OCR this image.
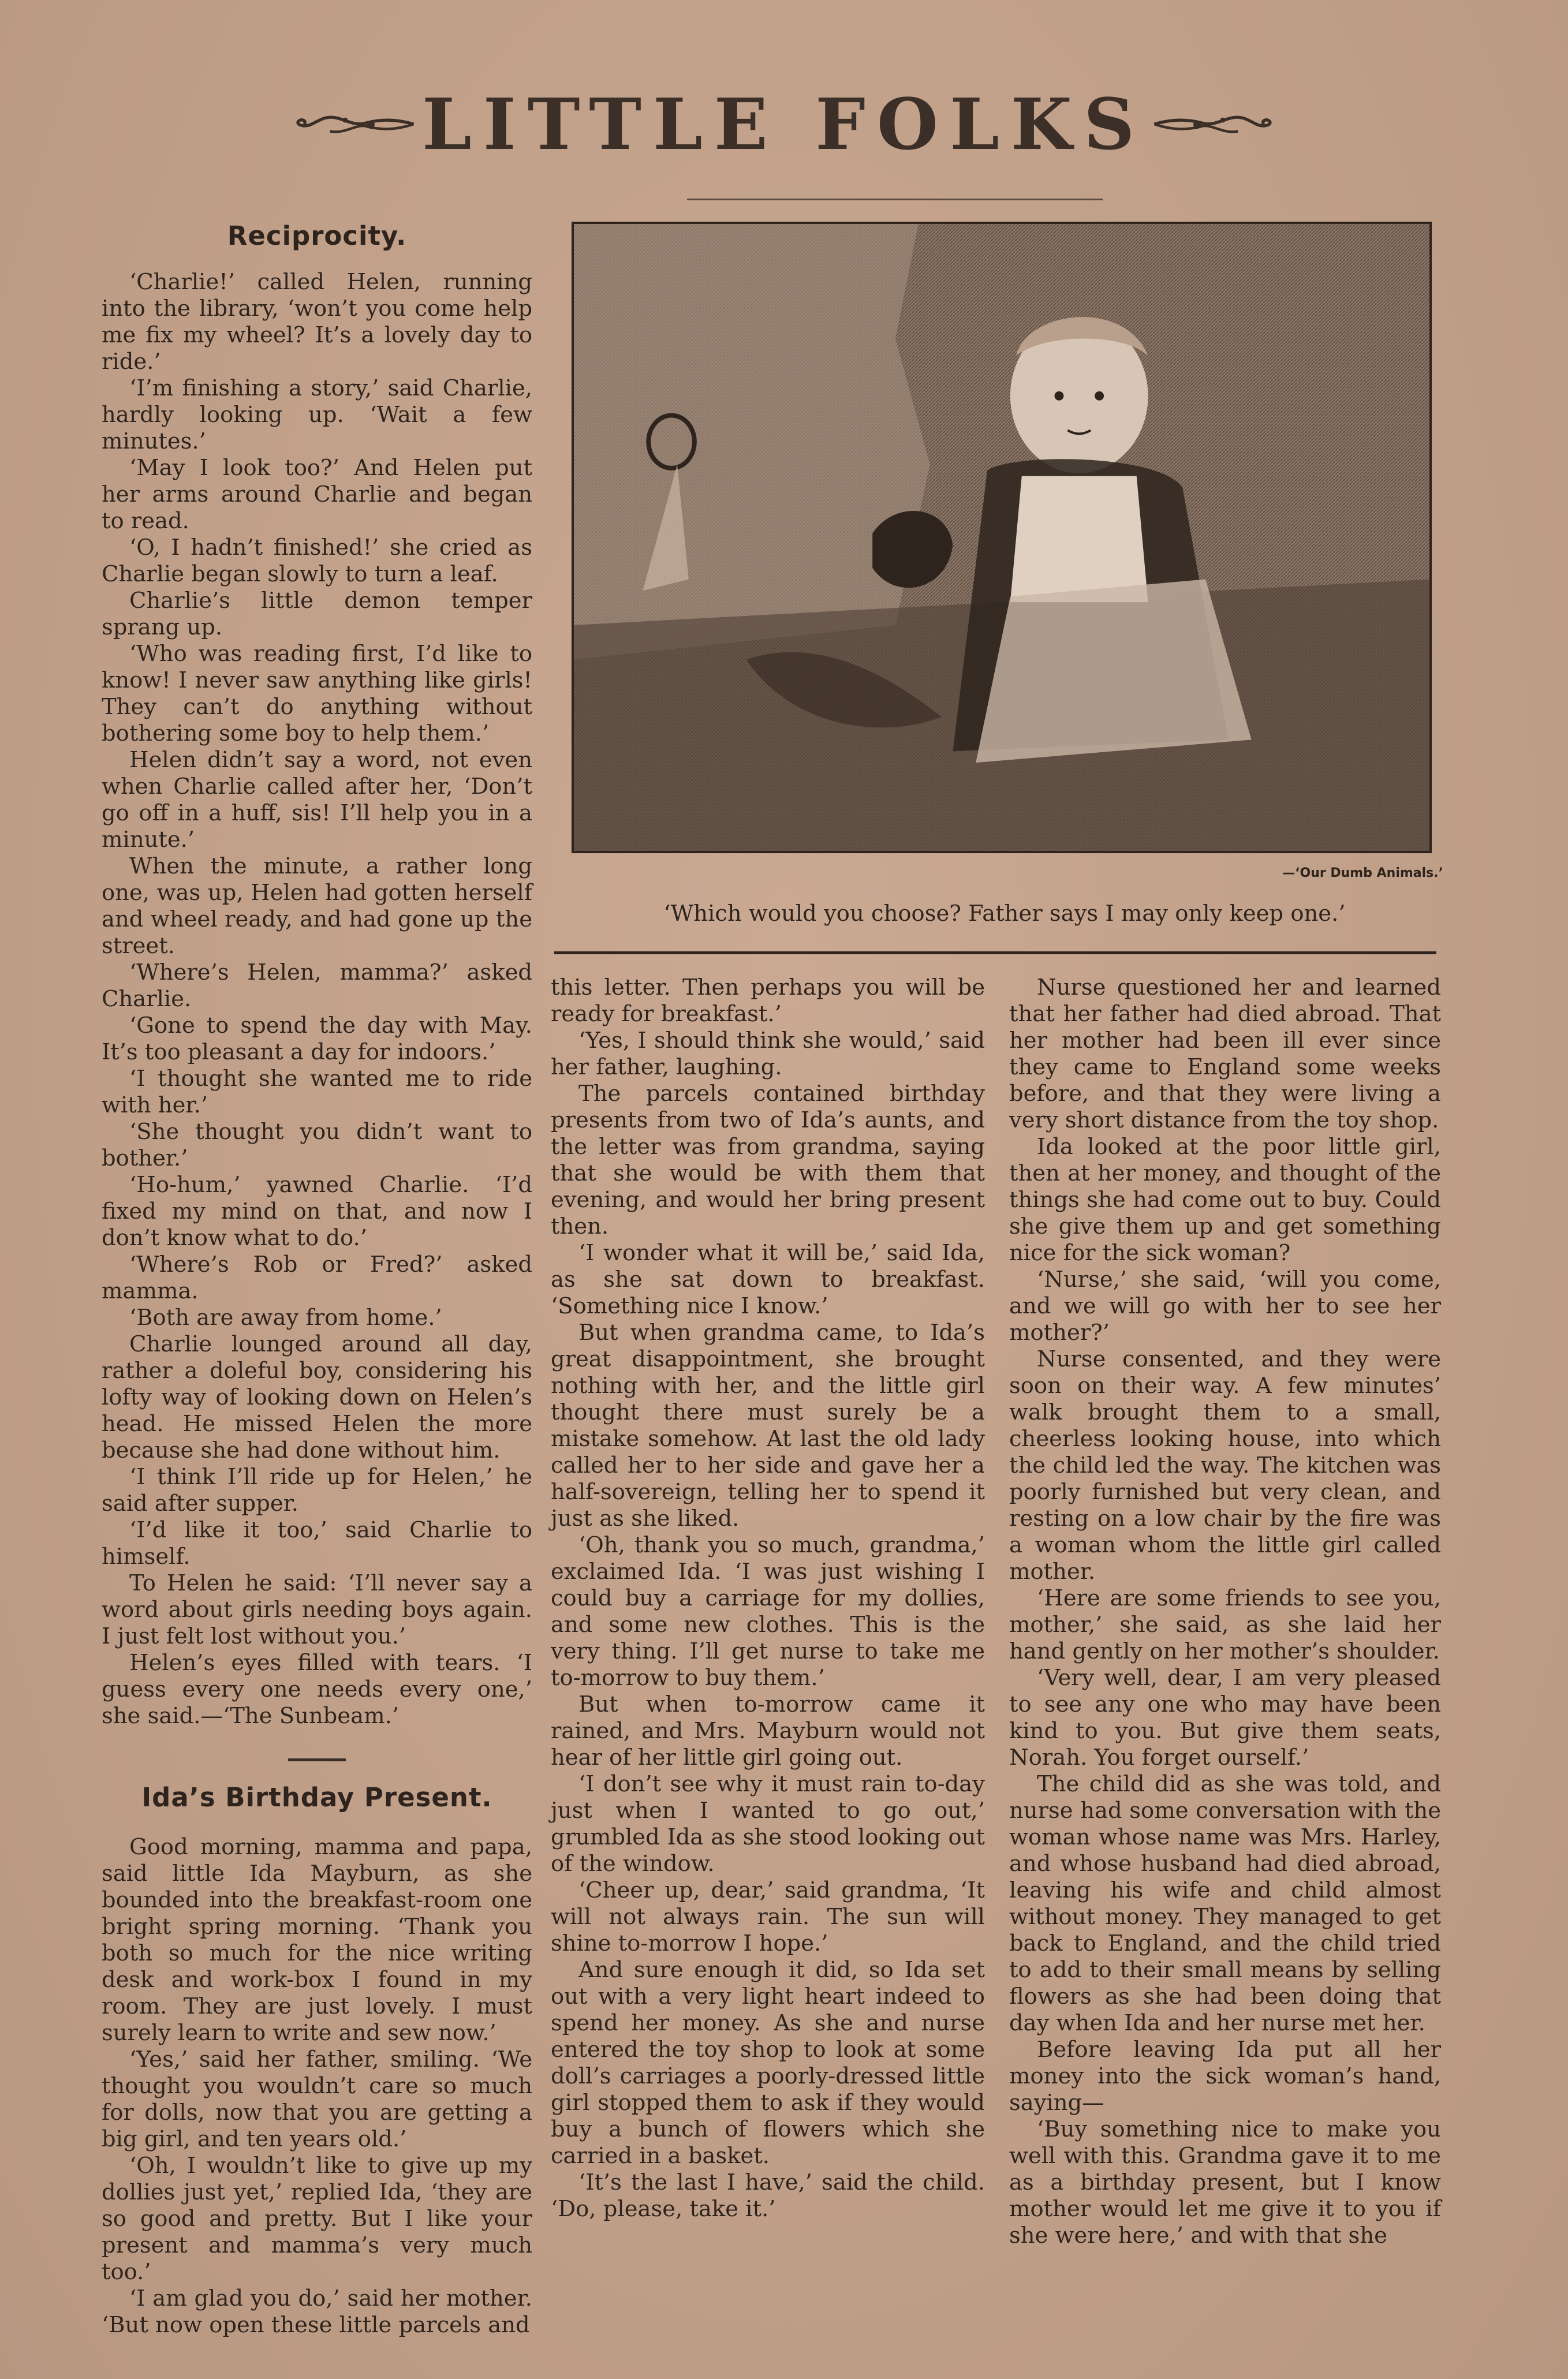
LITTLE FOLKS
Reciprocity.

‘Charlie!’ called Helen, running into the library, ‘won’t you come help me fix my wheel? It’s a lovely day to ride.’

‘I’m finishing a story,’ said Charlie, hardly looking up. ‘Wait a few minutes.’

‘May I look too?’ And Helen put her arms around Charlie and began to read.

‘O, I hadn’t finished!’ she cried as Charlie began slowly to turn a leaf.

Charlie’s little demon temper sprang up.

‘Who was reading first, I’d like to know! I never saw anything like girls! They can’t do anything without bothering some boy to help them.’

Helen didn’t say a word, not even when Charlie called after her, ‘Don’t go off in a huff, sis! I’ll help you in a minute.’

When the minute, a rather long one, was up, Helen had gotten herself and wheel ready, and had gone up the street.

‘Where’s Helen, mamma?’ asked Charlie.

‘Gone to spend the day with May. It’s too pleasant a day for indoors.’

‘I thought she wanted me to ride with her.’

‘She thought you didn’t want to bother.’

‘Ho-hum,’ yawned Charlie. ‘I’d fixed my mind on that, and now I don’t know what to do.’

‘Where’s Rob or Fred?’ asked mamma.

‘Both are away from home.’

Charlie lounged around all day, rather a doleful boy, considering his lofty way of looking down on Helen’s head. He missed Helen the more because she had done without him.

‘I think I’ll ride up for Helen,’ he said after supper.

‘I’d like it too,’ said Charlie to himself.

To Helen he said: ‘I’ll never say a word about girls needing boys again. I just felt lost without you.’

Helen’s eyes filled with tears. ‘I guess every one needs every one,’ she said.—‘The Sunbeam.’

Ida’s Birthday Present.

Good morning, mamma and papa, said little Ida Mayburn, as she bounded into the breakfast-room one bright spring morning. ‘Thank you both so much for the nice writing desk and work-box I found in my room. They are just lovely. I must surely learn to write and sew now.’

‘Yes,’ said her father, smiling. ‘We thought you wouldn’t care so much for dolls, now that you are getting a big girl, and ten years old.’

‘Oh, I wouldn’t like to give up my dollies just yet,’ replied Ida, ‘they are so good and pretty. But I like your present and mamma’s very much too.’

‘I am glad you do,’ said her mother. ‘But now open these little parcels and

—‘Our Dumb Animals.’
‘Which would you choose? Father says I may only keep one.’

this letter. Then perhaps you will be ready for breakfast.’

‘Yes, I should think she would,’ said her father, laughing.

The parcels contained birthday presents from two of Ida’s aunts, and the letter was from grandma, saying that she would be with them that evening, and would her bring present then.

‘I wonder what it will be,’ said Ida, as she sat down to breakfast. ‘Something nice I know.’

But when grandma came, to Ida’s great disappointment, she brought nothing with her, and the little girl thought there must surely be a mistake somehow. At last the old lady called her to her side and gave her a half-sovereign, telling her to spend it just as she liked.

‘Oh, thank you so much, grandma,’ exclaimed Ida. ‘I was just wishing I could buy a carriage for my dollies, and some new clothes. This is the very thing. I’ll get nurse to take me to-morrow to buy them.’

But when to-morrow came it rained, and Mrs. Mayburn would not hear of her little girl going out.

‘I don’t see why it must rain to-day just when I wanted to go out,’ grumbled Ida as she stood looking out of the window.

‘Cheer up, dear,’ said grandma, ‘It will not always rain. The sun will shine to-morrow I hope.’

And sure enough it did, so Ida set out with a very light heart indeed to spend her money. As she and nurse entered the toy shop to look at some doll’s carriages a poorly-dressed little girl stopped them to ask if they would buy a bunch of flowers which she carried in a basket.

‘It’s the last I have,’ said the child. ‘Do, please, take it.’

Nurse questioned her and learned that her father had died abroad. That her mother had been ill ever since they came to England some weeks before, and that they were living a very short distance from the toy shop.

Ida looked at the poor little girl, then at her money, and thought of the things she had come out to buy. Could she give them up and get something nice for the sick woman?

‘Nurse,’ she said, ‘will you come, and we will go with her to see her mother?’

Nurse consented, and they were soon on their way. A few minutes’ walk brought them to a small, cheerless looking house, into which the child led the way. The kitchen was poorly furnished but very clean, and resting on a low chair by the fire was a woman whom the little girl called mother.

‘Here are some friends to see you, mother,’ she said, as she laid her hand gently on her mother’s shoulder.

‘Very well, dear, I am very pleased to see any one who may have been kind to you. But give them seats, Norah. You forget ourself.’

The child did as she was told, and nurse had some conversation with the woman whose name was Mrs. Harley, and whose husband had died abroad, leaving his wife and child almost without money. They managed to get back to England, and the child tried to add to their small means by selling flowers as she had been doing that day when Ida and her nurse met her.

Before leaving Ida put all her money into the sick woman’s hand, saying—

‘Buy something nice to make you well with this. Grandma gave it to me as a birthday present, but I know mother would let me give it to you if she were here,’ and with that she
